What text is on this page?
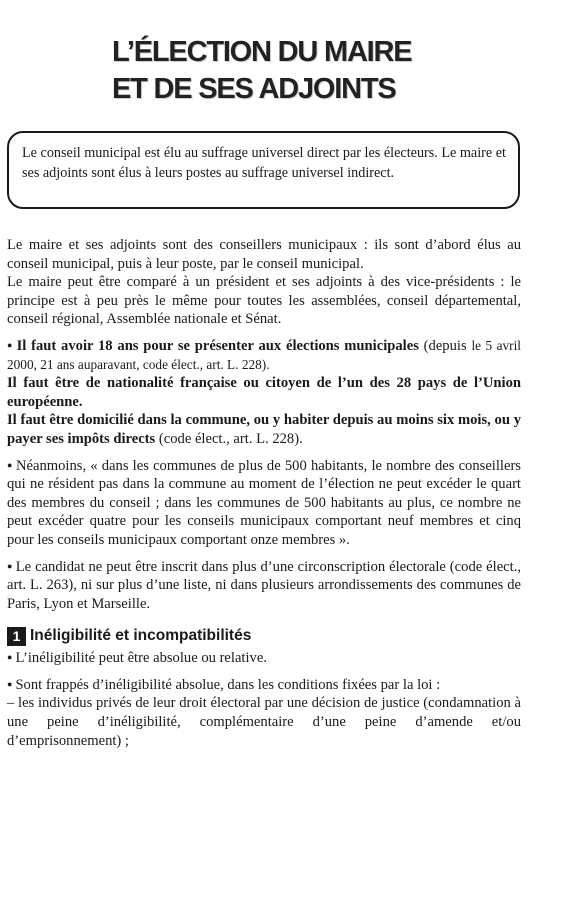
L’ÉLECTION DU MAIRE
ET DE SES ADJOINTS

Le conseil municipal est élu au suffrage universel direct par les électeurs. Le maire et ses adjoints sont élus à leurs postes au suffrage universel indirect.

Le maire et ses adjoints sont des conseillers municipaux : ils sont d’abord élus au conseil municipal, puis à leur poste, par le conseil municipal.

Le maire peut être comparé à un président et ses adjoints à des vice-présidents : le principe est à peu près le même pour toutes les assemblées, conseil départemental, conseil régional, Assemblée nationale et Sénat.

● Il faut avoir 18 ans pour se présenter aux élections municipales (depuis le 5 avril 2000, 21 ans auparavant, code élect., art. L. 228).

Il faut être de nationalité française ou citoyen de l’un des 28 pays de l’Union européenne.

Il faut être domicilié dans la commune, ou y habiter depuis au moins six mois, ou y payer ses impôts directs (code élect., art. L. 228).

● Néanmoins, « dans les communes de plus de 500 habitants, le nombre des conseillers qui ne résident pas dans la commune au moment de l’élection ne peut excéder le quart des membres du conseil ; dans les communes de 500 habitants au plus, ce nombre ne peut excéder quatre pour les conseils municipaux comportant neuf membres et cinq pour les conseils municipaux comportant onze membres ».

● Le candidat ne peut être inscrit dans plus d’une circonscription électorale (code élect., art. L. 263), ni sur plus d’une liste, ni dans plusieurs arrondissements des communes de Paris, Lyon et Marseille.

1 Inéligibilité et incompatibilités

● L’inéligibilité peut être absolue ou relative.

● Sont frappés d’inéligibilité absolue, dans les conditions fixées par la loi :

– les individus privés de leur droit électoral par une décision de justice (condamnation à une peine d’inéligibilité, complémentaire d’une peine d’amende et/ou d’emprisonnement) ;
